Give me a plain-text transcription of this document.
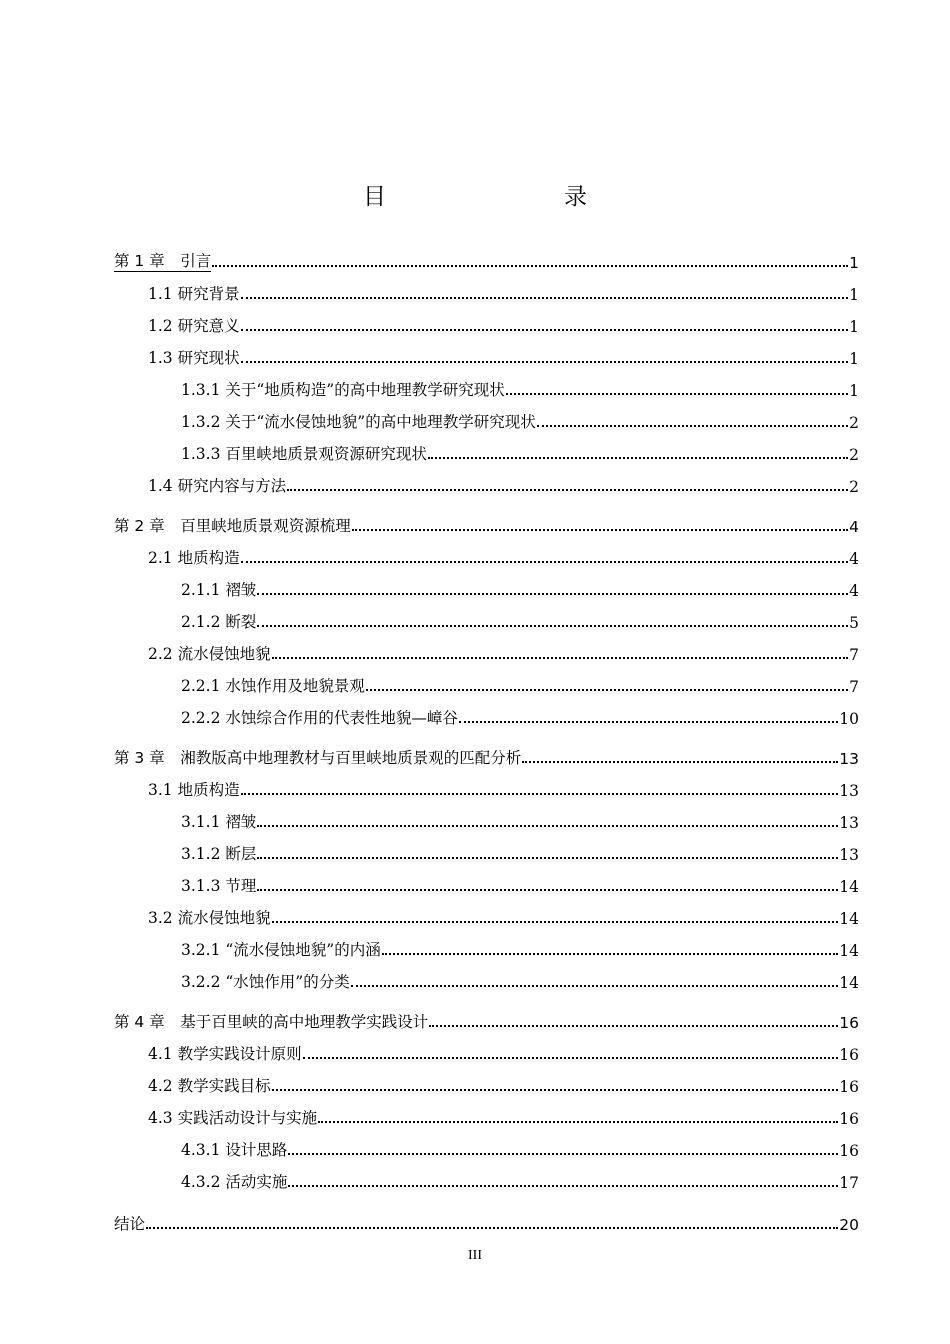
目　　录
第 1 章　引言	1
1.1 研究背景	1
1.2 研究意义	1
1.3 研究现状	1
1.3.1 关于“地质构造”的高中地理教学研究现状	1
1.3.2 关于“流水侵蚀地貌”的高中地理教学研究现状	2
1.3.3 百里峡地质景观资源研究现状	2
1.4 研究内容与方法	2
第 2 章　百里峡地质景观资源梳理	4
2.1 地质构造	4
2.1.1 褶皱	4
2.1.2 断裂	5
2.2 流水侵蚀地貌	7
2.2.1 水蚀作用及地貌景观	7
2.2.2 水蚀综合作用的代表性地貌—嶂谷	10
第 3 章　湘教版高中地理教材与百里峡地质景观的匹配分析	13
3.1 地质构造	13
3.1.1 褶皱	13
3.1.2 断层	13
3.1.3 节理	14
3.2 流水侵蚀地貌	14
3.2.1 “流水侵蚀地貌”的内涵	14
3.2.2 “水蚀作用”的分类	14
第 4 章　基于百里峡的高中地理教学实践设计	16
4.1 教学实践设计原则	16
4.2 教学实践目标	16
4.3 实践活动设计与实施	16
4.3.1 设计思路	16
4.3.2 活动实施	17
结论	20
III
